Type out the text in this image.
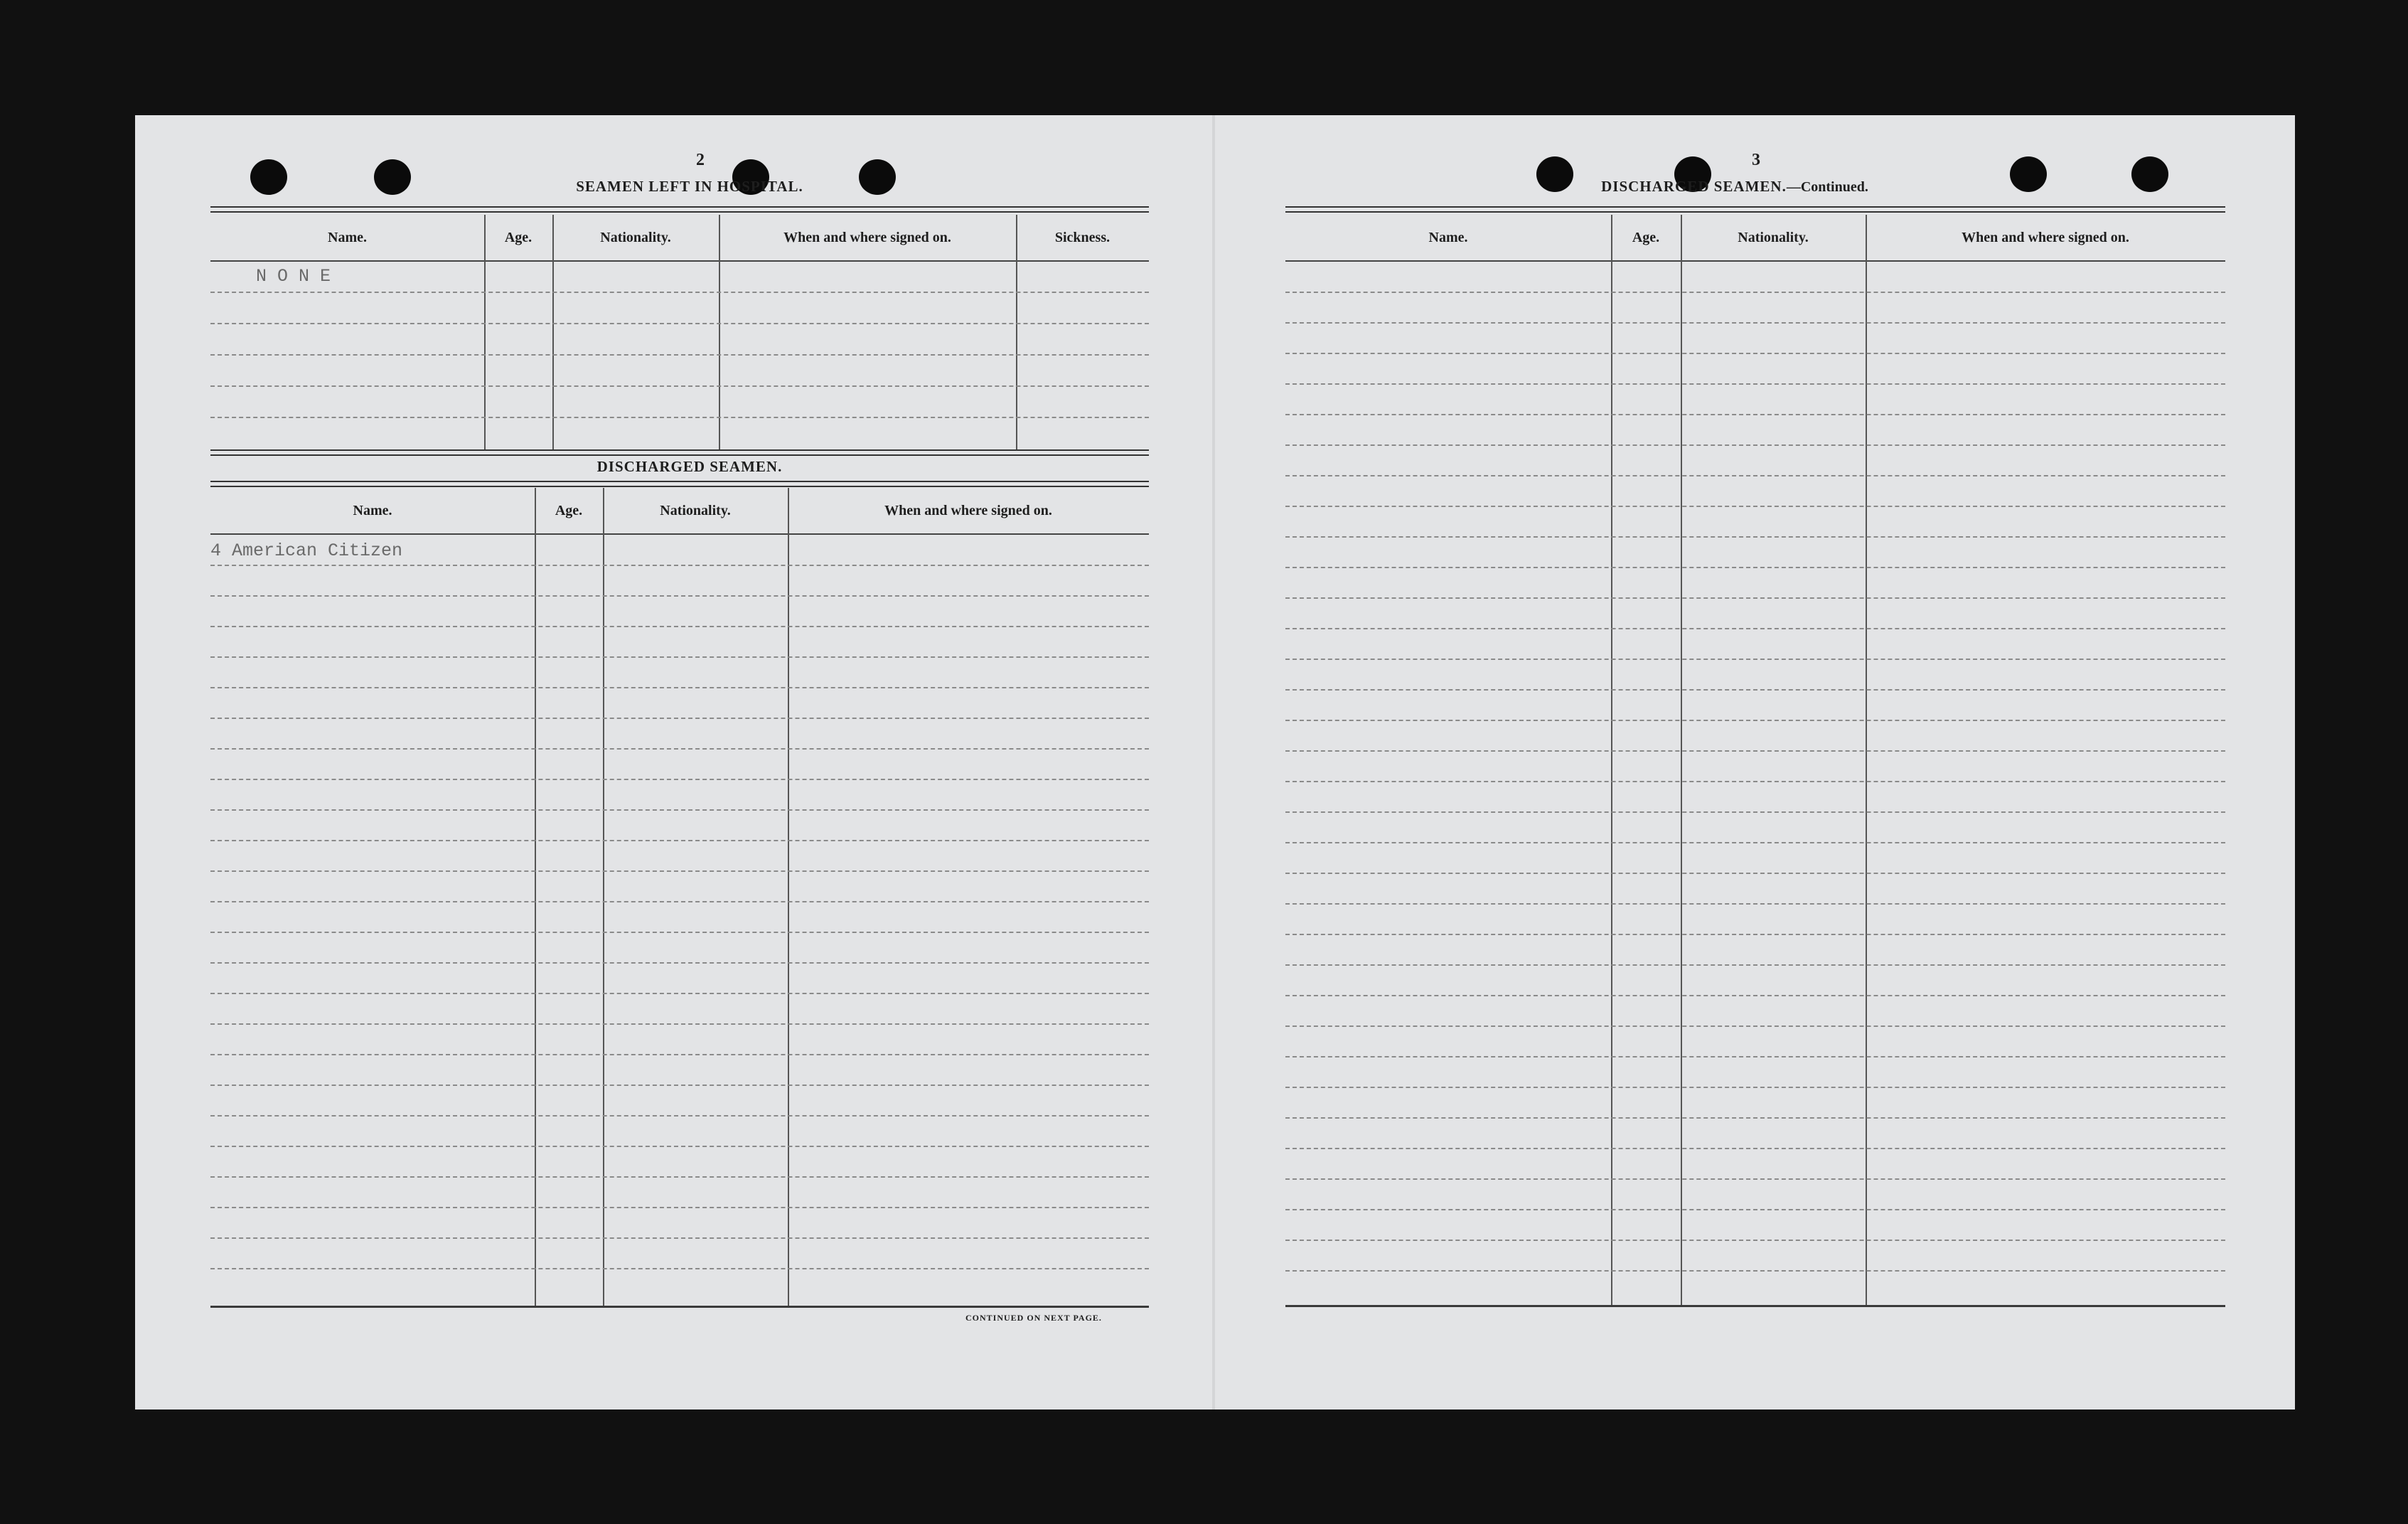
2
SEAMEN LEFT IN HOSPITAL.
Name.	Age.	Nationality.	When and where signed on.	Sickness.
N O N E
DISCHARGED SEAMEN.
Name.	Age.	Nationality.	When and where signed on.
4 American Citizen
CONTINUED ON NEXT PAGE.
3
DISCHARGED SEAMEN.—Continued.
Name.	Age.	Nationality.	When and where signed on.
